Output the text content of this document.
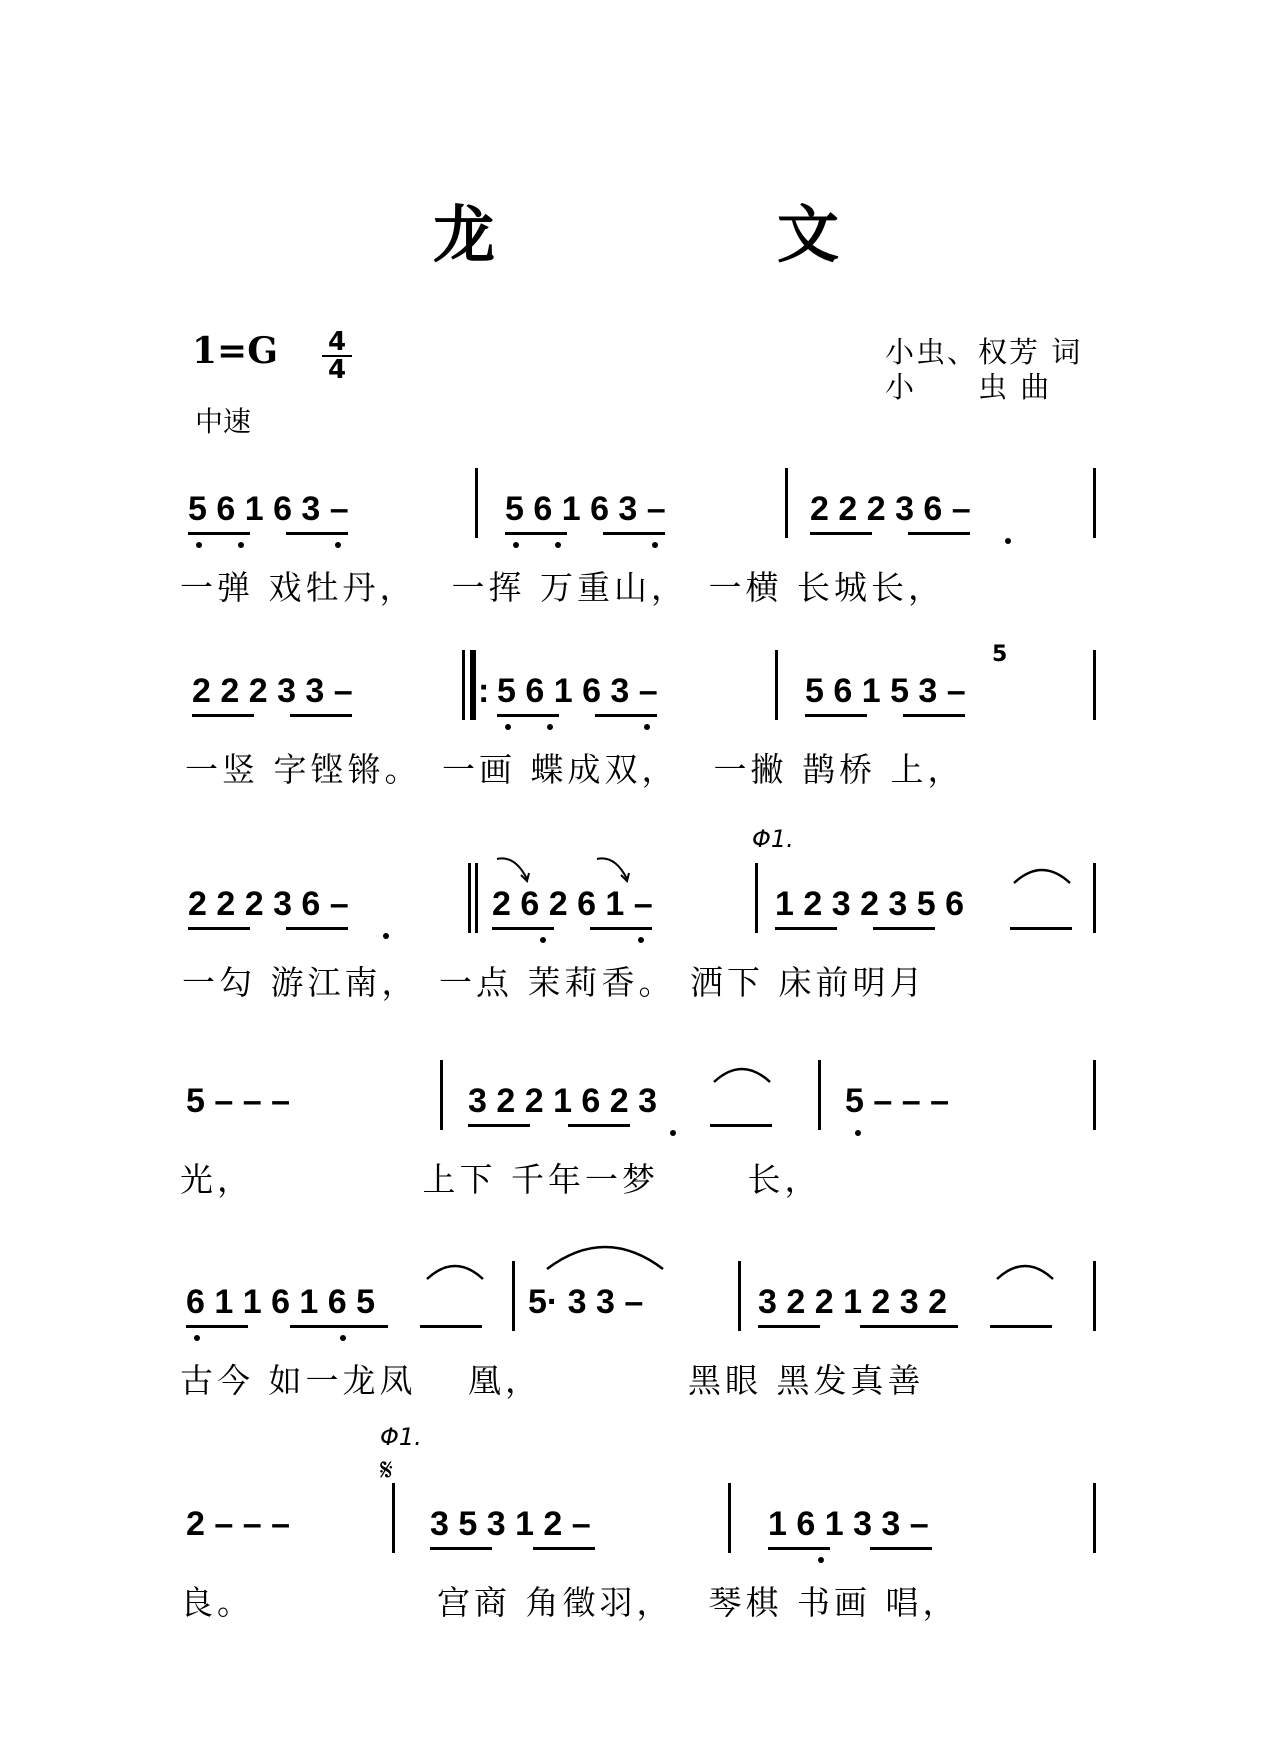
龙　文
1=G 4
4
中速
小虫、权芳 词
小　　虫 曲
5 6 1 6 3 –	5 6 1 6 3 –	2 2 2 3 6 –
一弹 戏牡丹，　 一挥 万重山，　一横 长城长，
2 2 2 3 3 –	: 5 6 1 6 3 –	5 6 1 5 3 –
5
一竖 字铿锵。　一画 蝶成双，　 一撇 鹊桥 上，
Φ1.
2 2 2 3 6 –	2 6 2 6 1 –	1 2 3 2 3 5 6
一勾 游江南，　一点 茉莉香。 洒下 床前明月
5 – – –	3 2 2 1 6 2 3	5 – – –
光，　　　　　上下 千年一梦　　 长，
6 1 1 6 1 6 5	5· 3 3 –	3 2 2 1 2 3 2
古今 如一龙凤　 凰，　　　　 黑眼 黑发真善
Φ1.
𝄋
2 – – –	3 5 3 1 2 –	1 6 1 3 3 –
良。　　　　　 宫商 角徵羽，　 琴棋 书画 唱，
